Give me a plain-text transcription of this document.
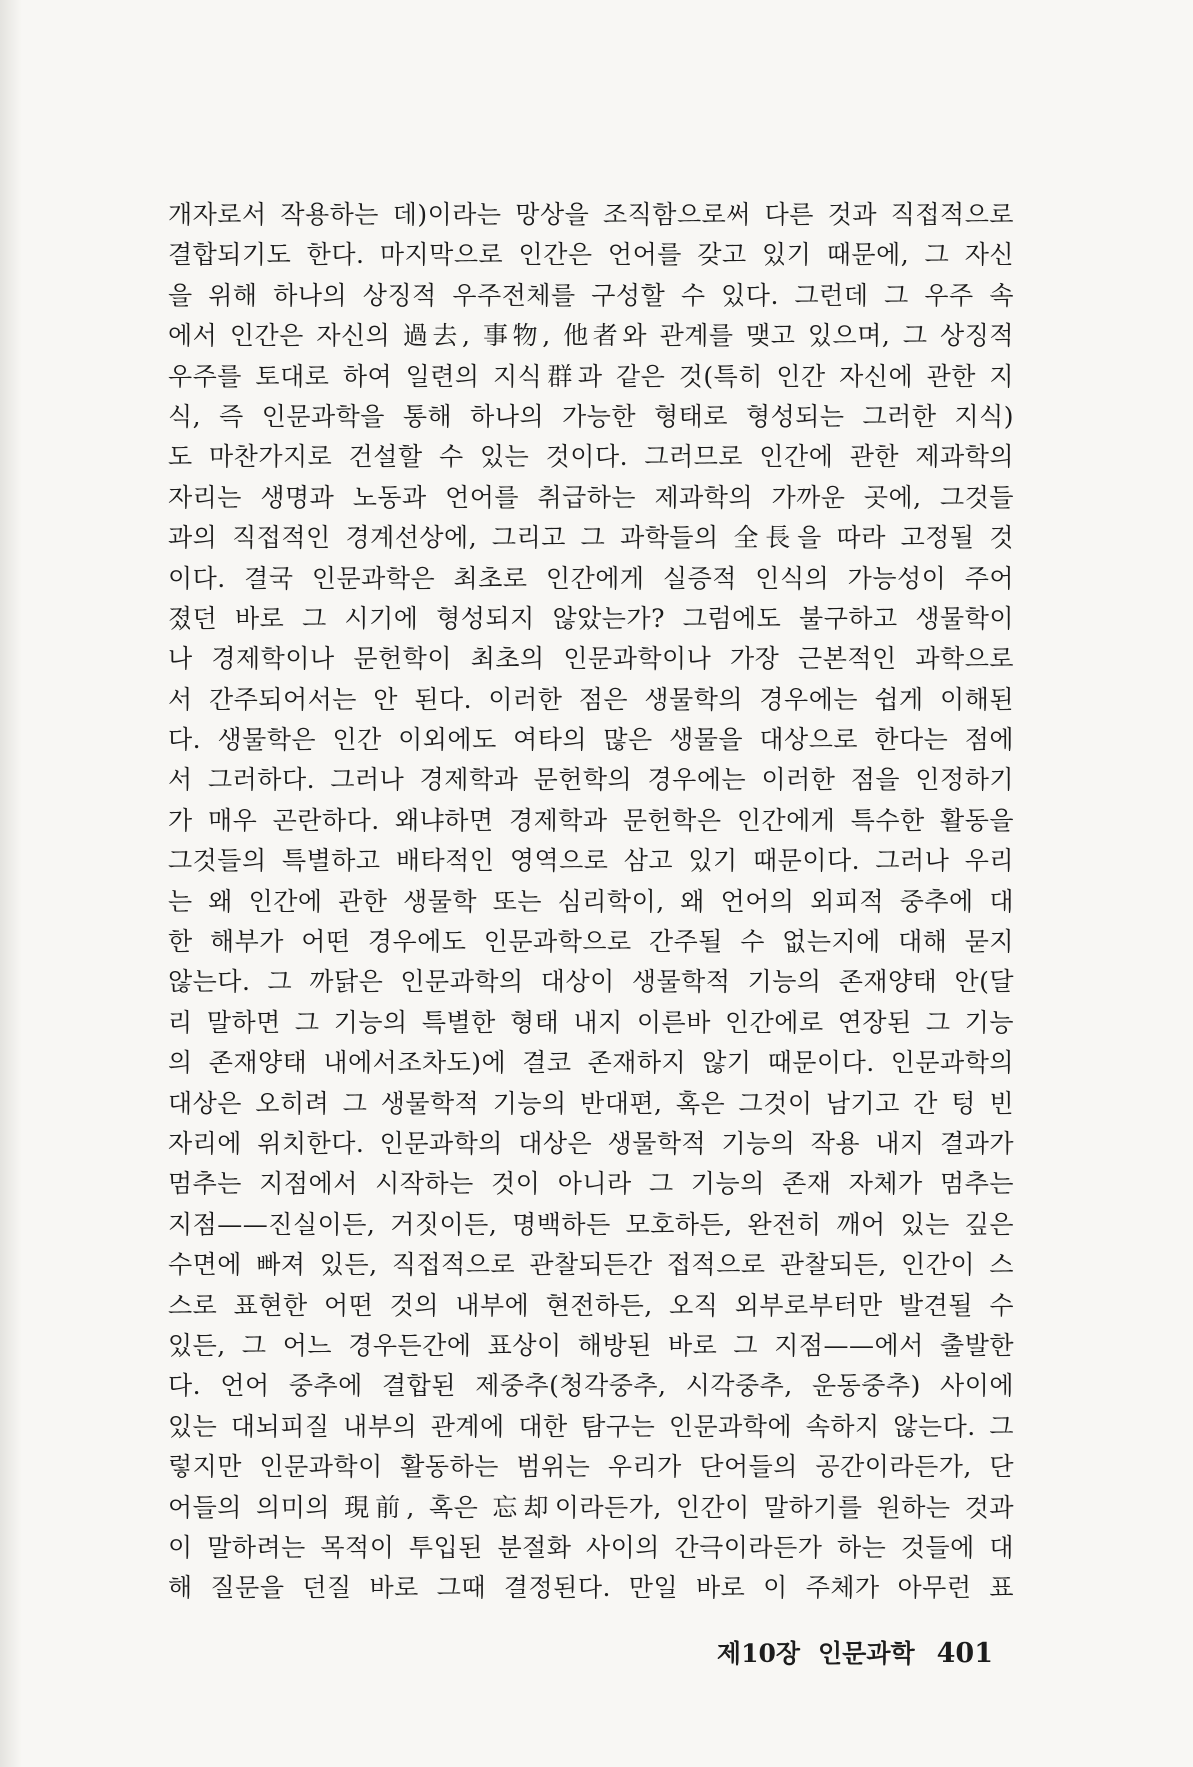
개자로서 작용하는 데)이라는 망상을 조직함으로써 다른 것과 직접적으로
결합되기도 한다. 마지막으로 인간은 언어를 갖고 있기 때문에, 그 자신
을 위해 하나의 상징적 우주전체를 구성할 수 있다. 그런데 그 우주 속
에서 인간은 자신의 過去, 事物, 他者와 관계를 맺고 있으며, 그 상징적
우주를 토대로 하여 일련의 지식群과 같은 것(특히 인간 자신에 관한 지
식, 즉 인문과학을 통해 하나의 가능한 형태로 형성되는 그러한 지식)
도 마찬가지로 건설할 수 있는 것이다. 그러므로 인간에 관한 제과학의
자리는 생명과 노동과 언어를 취급하는 제과학의 가까운 곳에, 그것들
과의 직접적인 경계선상에, 그리고 그 과학들의 全長을 따라 고정될 것
이다. 결국 인문과학은 최초로 인간에게 실증적 인식의 가능성이 주어
졌던 바로 그 시기에 형성되지 않았는가? 그럼에도 불구하고 생물학이
나 경제학이나 문헌학이 최초의 인문과학이나 가장 근본적인 과학으로
서 간주되어서는 안 된다. 이러한 점은 생물학의 경우에는 쉽게 이해된
다. 생물학은 인간 이외에도 여타의 많은 생물을 대상으로 한다는 점에
서 그러하다. 그러나 경제학과 문헌학의 경우에는 이러한 점을 인정하기
가 매우 곤란하다. 왜냐하면 경제학과 문헌학은 인간에게 특수한 활동을
그것들의 특별하고 배타적인 영역으로 삼고 있기 때문이다. 그러나 우리
는 왜 인간에 관한 생물학 또는 심리학이, 왜 언어의 외피적 중추에 대
한 해부가 어떤 경우에도 인문과학으로 간주될 수 없는지에 대해 묻지
않는다. 그 까닭은 인문과학의 대상이 생물학적 기능의 존재양태 안(달
리 말하면 그 기능의 특별한 형태 내지 이른바 인간에로 연장된 그 기능
의 존재양태 내에서조차도)에 결코 존재하지 않기 때문이다. 인문과학의
대상은 오히려 그 생물학적 기능의 반대편, 혹은 그것이 남기고 간 텅 빈
자리에 위치한다. 인문과학의 대상은 생물학적 기능의 작용 내지 결과가
멈추는 지점에서 시작하는 것이 아니라 그 기능의 존재 자체가 멈추는
지점——진실이든, 거짓이든, 명백하든 모호하든, 완전히 깨어 있는 깊은
수면에 빠져 있든, 직접적으로 관찰되든간 접적으로 관찰되든, 인간이 스
스로 표현한 어떤 것의 내부에 현전하든, 오직 외부로부터만 발견될 수
있든, 그 어느 경우든간에 표상이 해방된 바로 그 지점——에서 출발한
다. 언어 중추에 결합된 제중추(청각중추, 시각중추, 운동중추) 사이에
있는 대뇌피질 내부의 관계에 대한 탐구는 인문과학에 속하지 않는다. 그
렇지만 인문과학이 활동하는 범위는 우리가 단어들의 공간이라든가, 단
어들의 의미의 現前, 혹은 忘却이라든가, 인간이 말하기를 원하는 것과
이 말하려는 목적이 투입된 분절화 사이의 간극이라든가 하는 것들에 대
해 질문을 던질 바로 그때 결정된다. 만일 바로 이 주체가 아무런 표
제10장 인문과학 401
